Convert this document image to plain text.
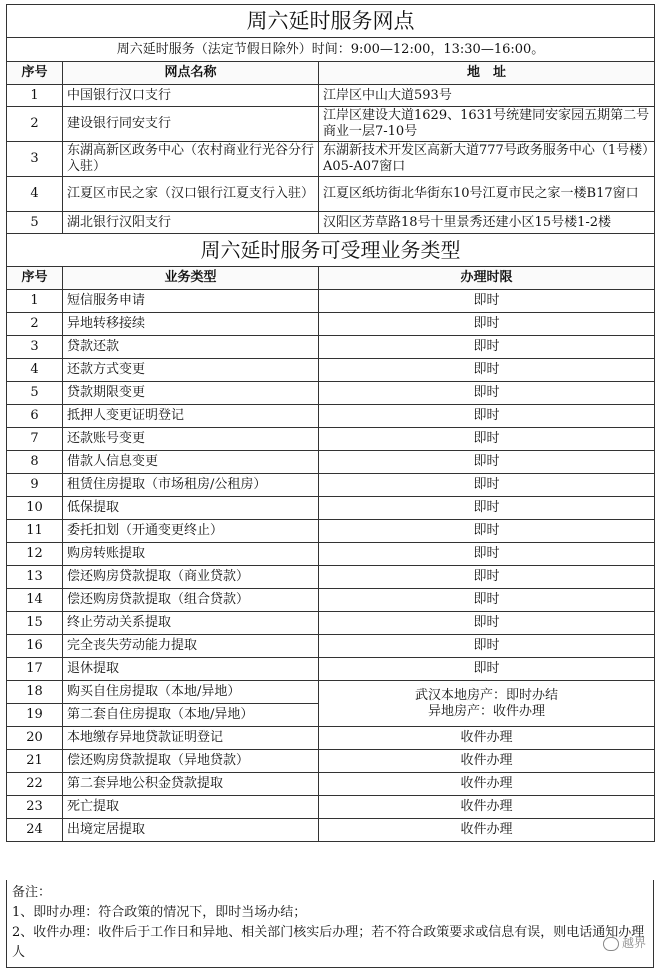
周六延时服务网点		
周六延时服务（法定节假日除外）时间：9:00—12:00，13:30—16:00。		
序号	网点名称	地　址
1	中国银行汉口支行	江岸区中山大道593号
2	建设银行同安支行	江岸区建设大道1629、1631号统建同安家园五期第二号商业一层7-10号
3	东湖高新区政务中心（农村商业行光谷分行入驻）	东湖新技术开发区高新大道777号政务服务中心（1号楼）A05-A07窗口
4	江夏区市民之家（汉口银行江夏支行入驻）	江夏区纸坊街北华街东10号江夏市民之家一楼B17窗口
5	湖北银行汉阳支行	汉阳区芳草路18号十里景秀还建小区15号楼1-2楼
周六延时服务可受理业务类型		
序号	业务类型	办理时限
1	短信服务申请	即时
2	异地转移接续	即时
3	贷款还款	即时
4	还款方式变更	即时
5	贷款期限变更	即时
6	抵押人变更证明登记	即时
7	还款账号变更	即时
8	借款人信息变更	即时
9	租赁住房提取（市场租房/公租房）	即时
10	低保提取	即时
11	委托扣划（开通变更终止）	即时
12	购房转账提取	即时
13	偿还购房贷款提取（商业贷款）	即时
14	偿还购房贷款提取（组合贷款）	即时
15	终止劳动关系提取	即时
16	完全丧失劳动能力提取	即时
17	退休提取	即时
18	购买自住房提取（本地/异地）	武汉本地房产：即时办结
异地房产：收件办理

19	第二套自住房提取（本地/异地）	
20	本地缴存异地贷款证明登记	收件办理
21	偿还购房贷款提取（异地贷款）	收件办理
22	第二套异地公积金贷款提取	收件办理
23	死亡提取	收件办理
24	出境定居提取	收件办理
备注：
1、即时办理：符合政策的情况下，即时当场办结；
2、收件办理：收件后于工作日和异地、相关部门核实后办理；若不符合政策要求或信息有误，则电话通知办理人
越界
